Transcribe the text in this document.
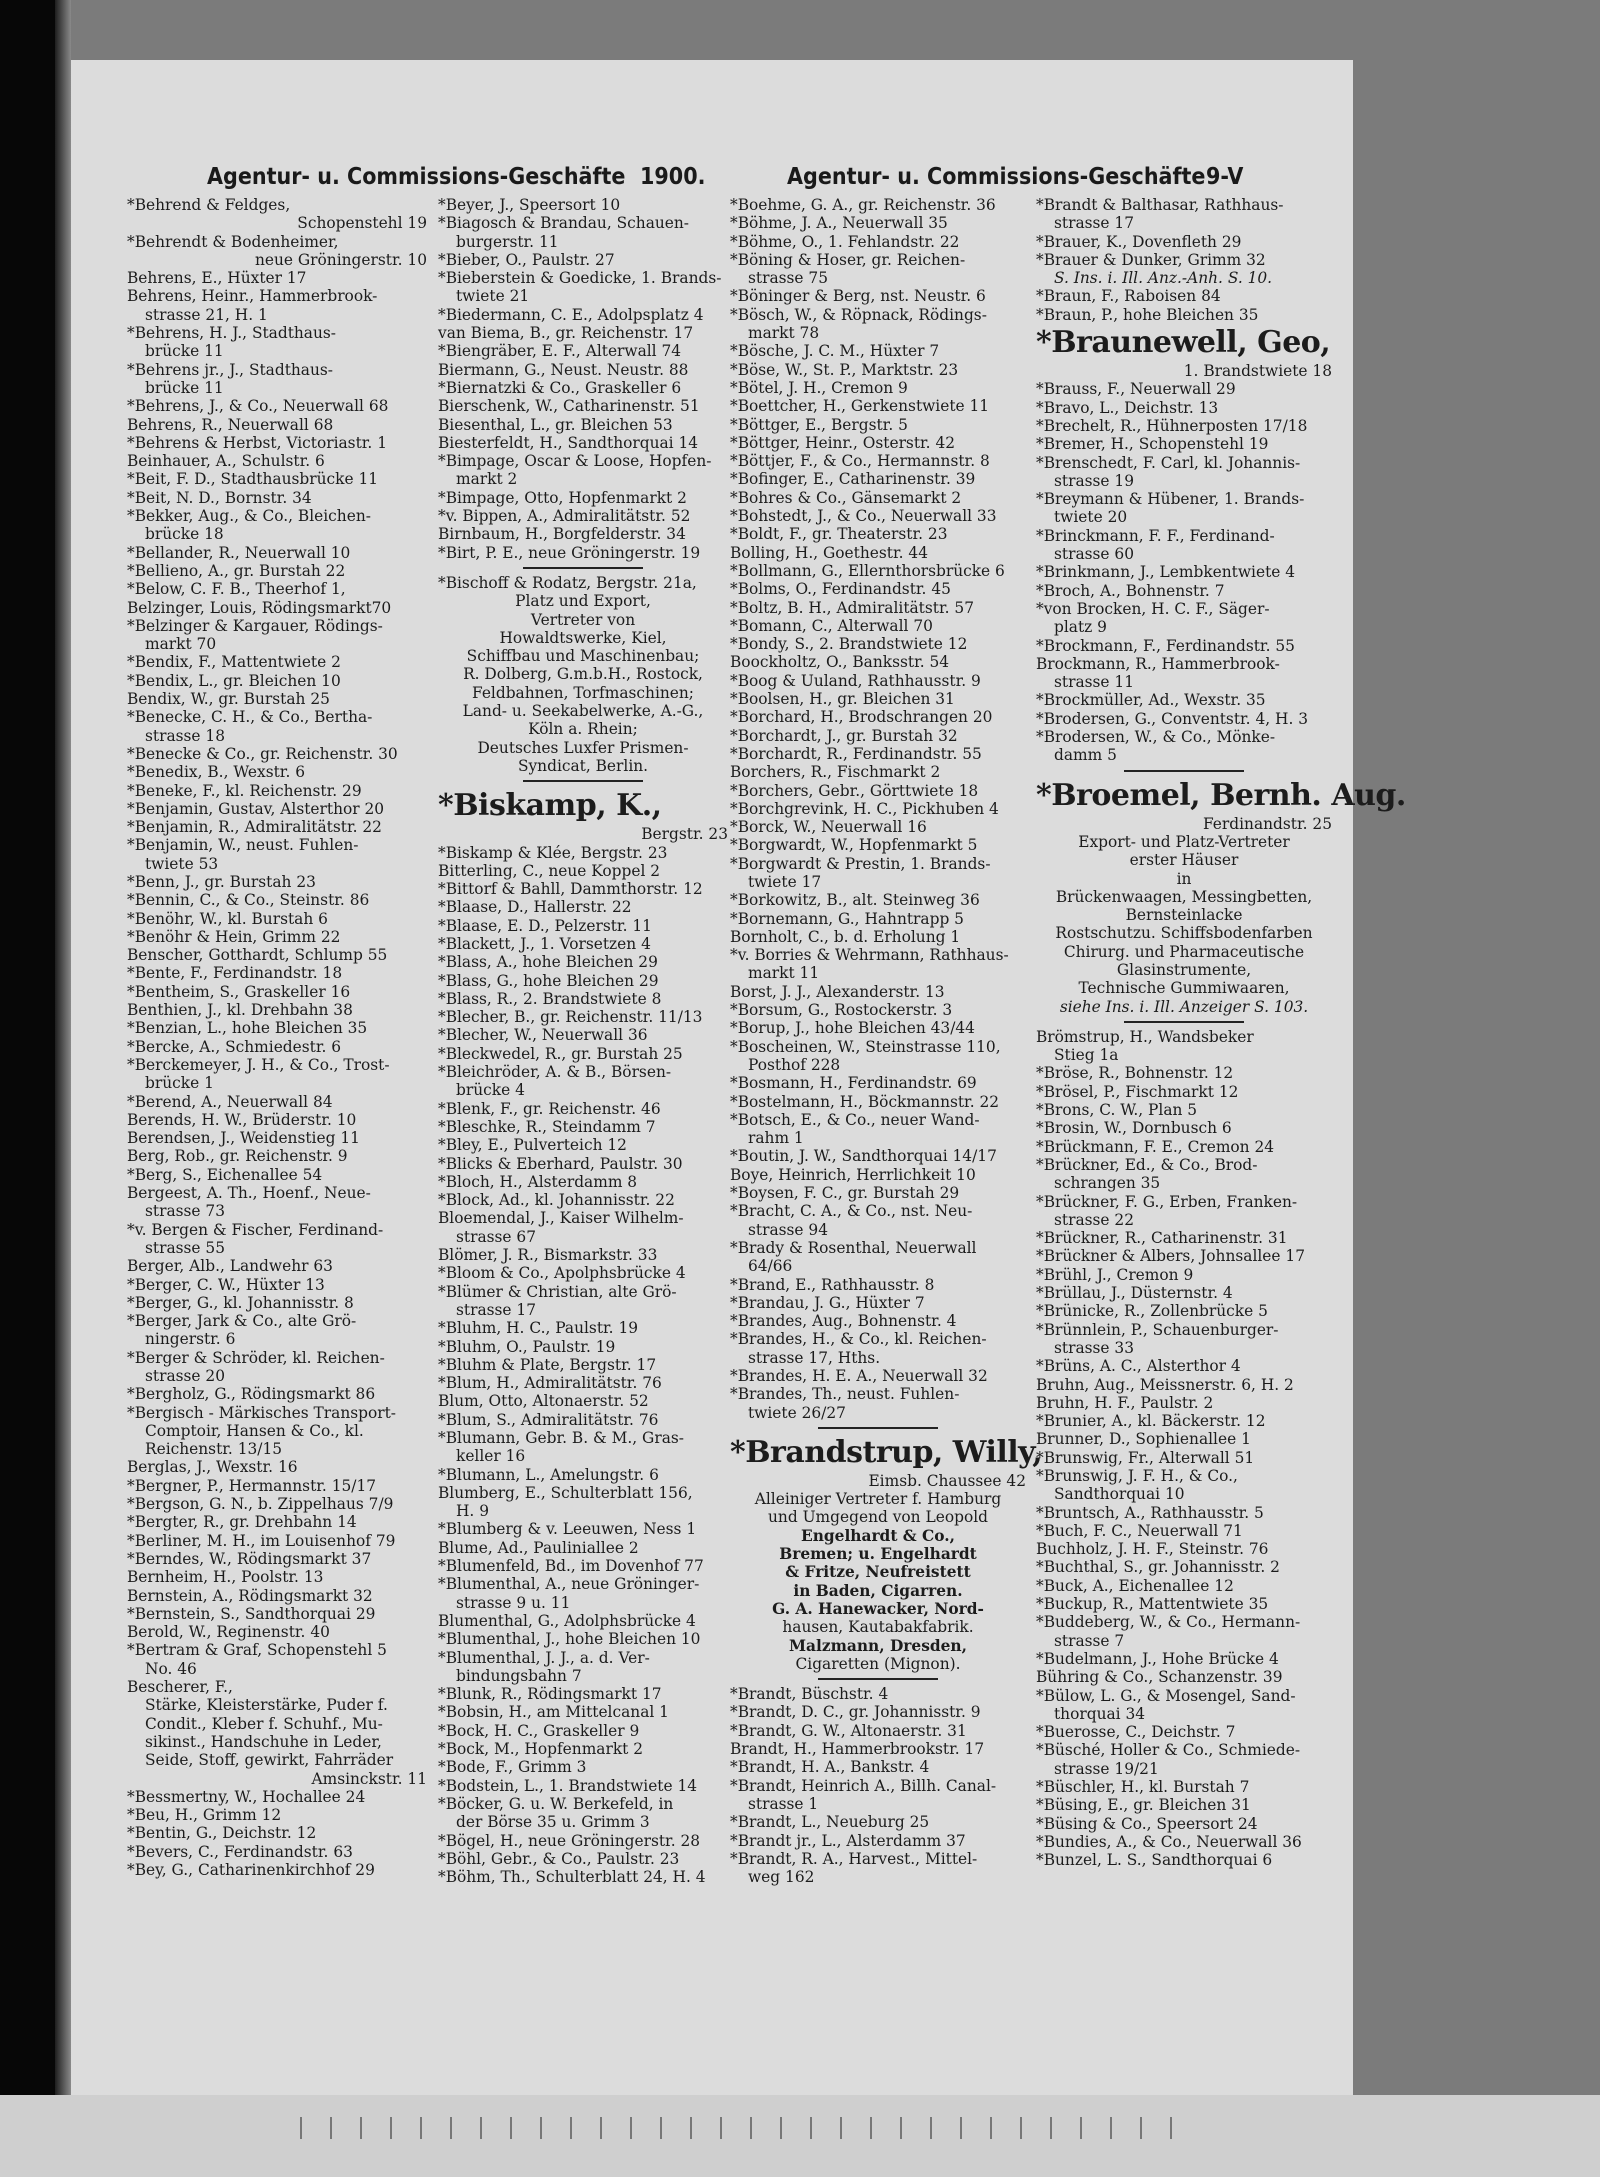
Agentur- u. Commissions-Geschäfte 1900.	Agentur- u. Commissions-Geschäfte 9-V
*Behrend & Feldges,
Schopenstehl 19
*Behrendt & Bodenheimer,
neue Gröningerstr. 10
Behrens, E., Hüxter 17
Behrens, Heinr., Hammerbrook-
strasse 21, H. 1
*Behrens, H. J., Stadthaus-
brücke 11
*Behrens jr., J., Stadthaus-
brücke 11
*Behrens, J., & Co., Neuerwall 68
Behrens, R., Neuerwall 68
*Behrens & Herbst, Victoriastr. 1
Beinhauer, A., Schulstr. 6
*Beit, F. D., Stadthausbrücke 11
*Beit, N. D., Bornstr. 34
*Bekker, Aug., & Co., Bleichen-
brücke 18
*Bellander, R., Neuerwall 10
*Bellieno, A., gr. Burstah 22
*Below, C. F. B., Theerhof 1,
Belzinger, Louis, Rödingsmarkt70
*Belzinger & Kargauer, Rödings-
markt 70
*Bendix, F., Mattentwiete 2
*Bendix, L., gr. Bleichen 10
Bendix, W., gr. Burstah 25
*Benecke, C. H., & Co., Bertha-
strasse 18
*Benecke & Co., gr. Reichenstr. 30
*Benedix, B., Wexstr. 6
*Beneke, F., kl. Reichenstr. 29
*Benjamin, Gustav, Alsterthor 20
*Benjamin, R., Admiralitätstr. 22
*Benjamin, W., neust. Fuhlen-
twiete 53
*Benn, J., gr. Burstah 23
*Bennin, C., & Co., Steinstr. 86
*Benöhr, W., kl. Burstah 6
*Benöhr & Hein, Grimm 22
Benscher, Gotthardt, Schlump 55
*Bente, F., Ferdinandstr. 18
*Bentheim, S., Graskeller 16
Benthien, J., kl. Drehbahn 38
*Benzian, L., hohe Bleichen 35
*Bercke, A., Schmiedestr. 6
*Berckemeyer, J. H., & Co., Trost-
brücke 1
*Berend, A., Neuerwall 84
Berends, H. W., Brüderstr. 10
Berendsen, J., Weidenstieg 11
Berg, Rob., gr. Reichenstr. 9
*Berg, S., Eichenallee 54
Bergeest, A. Th., Hoenf., Neue-
strasse 73
*v. Bergen & Fischer, Ferdinand-
strasse 55
Berger, Alb., Landwehr 63
*Berger, C. W., Hüxter 13
*Berger, G., kl. Johannisstr. 8
*Berger, Jark & Co., alte Grö-
ningerstr. 6
*Berger & Schröder, kl. Reichen-
strasse 20
*Bergholz, G., Rödingsmarkt 86
*Bergisch - Märkisches Transport-
Comptoir, Hansen & Co., kl.
Reichenstr. 13/15
Berglas, J., Wexstr. 16
*Bergner, P., Hermannstr. 15/17
*Bergson, G. N., b. Zippelhaus 7/9
*Bergter, R., gr. Drehbahn 14
*Berliner, M. H., im Louisenhof 79
*Berndes, W., Rödingsmarkt 37
Bernheim, H., Poolstr. 13
Bernstein, A., Rödingsmarkt 32
*Bernstein, S., Sandthorquai 29
Berold, W., Reginenstr. 40
*Bertram & Graf, Schopenstehl 5
No. 46
Bescherer, F.,
Stärke, Kleisterstärke, Puder f.
Condit., Kleber f. Schuhf., Mu-
sikinst., Handschuhe in Leder,
Seide, Stoff, gewirkt, Fahrräder
Amsinckstr. 11
*Bessmertny, W., Hochallee 24
*Beu, H., Grimm 12
*Bentin, G., Deichstr. 12
*Bevers, C., Ferdinandstr. 63
*Bey, G., Catharinenkirchhof 29
*Beyer, J., Speersort 10
*Biagosch & Brandau, Schauen-
burgerstr. 11
*Bieber, O., Paulstr. 27
*Bieberstein & Goedicke, 1. Brands-
twiete 21
*Biedermann, C. E., Adolpsplatz 4
van Biema, B., gr. Reichenstr. 17
*Biengräber, E. F., Alterwall 74
Biermann, G., Neust. Neustr. 88
*Biernatzki & Co., Graskeller 6
Bierschenk, W., Catharinenstr. 51
Biesenthal, L., gr. Bleichen 53
Biesterfeldt, H., Sandthorquai 14
*Bimpage, Oscar & Loose, Hopfen-
markt 2
*Bimpage, Otto, Hopfenmarkt 2
*v. Bippen, A., Admiralitätstr. 52
Birnbaum, H., Borgfelderstr. 34
*Birt, P. E., neue Gröningerstr. 19
*Bischoff & Rodatz, Bergstr. 21a,
Platz und Export,
Vertreter von
Howaldtswerke, Kiel,
Schiffbau und Maschinenbau;
R. Dolberg, G.m.b.H., Rostock,
Feldbahnen, Torfmaschinen;
Land- u. Seekabelwerke, A.-G.,
Köln a. Rhein;
Deutsches Luxfer Prismen-
Syndicat, Berlin.
*Biskamp, K.,
Bergstr. 23
*Biskamp & Klée, Bergstr. 23
Bitterling, C., neue Koppel 2
*Bittorf & Bahll, Dammthorstr. 12
*Blaase, D., Hallerstr. 22
*Blaase, E. D., Pelzerstr. 11
*Blackett, J., 1. Vorsetzen 4
*Blass, A., hohe Bleichen 29
*Blass, G., hohe Bleichen 29
*Blass, R., 2. Brandstwiete 8
*Blecher, B., gr. Reichenstr. 11/13
*Blecher, W., Neuerwall 36
*Bleckwedel, R., gr. Burstah 25
*Bleichröder, A. & B., Börsen-
brücke 4
*Blenk, F., gr. Reichenstr. 46
*Bleschke, R., Steindamm 7
*Bley, E., Pulverteich 12
*Blicks & Eberhard, Paulstr. 30
*Bloch, H., Alsterdamm 8
*Block, Ad., kl. Johannisstr. 22
Bloemendal, J., Kaiser Wilhelm-
strasse 67
Blömer, J. R., Bismarkstr. 33
*Bloom & Co., Apolphsbrücke 4
*Blümer & Christian, alte Grö-
strasse 17
*Bluhm, H. C., Paulstr. 19
*Bluhm, O., Paulstr. 19
*Bluhm & Plate, Bergstr. 17
*Blum, H., Admiralitätstr. 76
Blum, Otto, Altonaerstr. 52
*Blum, S., Admiralitätstr. 76
*Blumann, Gebr. B. & M., Gras-
keller 16
*Blumann, L., Amelungstr. 6
Blumberg, E., Schulterblatt 156,
H. 9
*Blumberg & v. Leeuwen, Ness 1
Blume, Ad., Pauliniallee 2
*Blumenfeld, Bd., im Dovenhof 77
*Blumenthal, A., neue Gröninger-
strasse 9 u. 11
Blumenthal, G., Adolphsbrücke 4
*Blumenthal, J., hohe Bleichen 10
*Blumenthal, J. J., a. d. Ver-
bindungsbahn 7
*Blunk, R., Rödingsmarkt 17
*Bobsin, H., am Mittelcanal 1
*Bock, H. C., Graskeller 9
*Bock, M., Hopfenmarkt 2
*Bode, F., Grimm 3
*Bodstein, L., 1. Brandstwiete 14
*Böcker, G. u. W. Berkefeld, in
der Börse 35 u. Grimm 3
*Bögel, H., neue Gröningerstr. 28
*Böhl, Gebr., & Co., Paulstr. 23
*Böhm, Th., Schulterblatt 24, H. 4
*Boehme, G. A., gr. Reichenstr. 36
*Böhme, J. A., Neuerwall 35
*Böhme, O., 1. Fehlandstr. 22
*Böning & Hoser, gr. Reichen-
strasse 75
*Böninger & Berg, nst. Neustr. 6
*Bösch, W., & Röpnack, Rödings-
markt 78
*Bösche, J. C. M., Hüxter 7
*Böse, W., St. P., Marktstr. 23
*Bötel, J. H., Cremon 9
*Boettcher, H., Gerkenstwiete 11
*Böttger, E., Bergstr. 5
*Böttger, Heinr., Osterstr. 42
*Böttjer, F., & Co., Hermannstr. 8
*Bofinger, E., Catharinenstr. 39
*Bohres & Co., Gänsemarkt 2
*Bohstedt, J., & Co., Neuerwall 33
*Boldt, F., gr. Theaterstr. 23
Bolling, H., Goethestr. 44
*Bollmann, G., Ellernthorsbrücke 6
*Bolms, O., Ferdinandstr. 45
*Boltz, B. H., Admiralitätstr. 57
*Bomann, C., Alterwall 70
*Bondy, S., 2. Brandstwiete 12
Boockholtz, O., Banksstr. 54
*Boog & Uuland, Rathhausstr. 9
*Boolsen, H., gr. Bleichen 31
*Borchard, H., Brodschrangen 20
*Borchardt, J., gr. Burstah 32
*Borchardt, R., Ferdinandstr. 55
Borchers, R., Fischmarkt 2
*Borchers, Gebr., Görttwiete 18
*Borchgrevink, H. C., Pickhuben 4
*Borck, W., Neuerwall 16
*Borgwardt, W., Hopfenmarkt 5
*Borgwardt & Prestin, 1. Brands-
twiete 17
*Borkowitz, B., alt. Steinweg 36
*Bornemann, G., Hahntrapp 5
Bornholt, C., b. d. Erholung 1
*v. Borries & Wehrmann, Rathhaus-
markt 11
Borst, J. J., Alexanderstr. 13
*Borsum, G., Rostockerstr. 3
*Borup, J., hohe Bleichen 43/44
*Boscheinen, W., Steinstrasse 110,
Posthof 228
*Bosmann, H., Ferdinandstr. 69
*Bostelmann, H., Böckmannstr. 22
*Botsch, E., & Co., neuer Wand-
rahm 1
*Boutin, J. W., Sandthorquai 14/17
Boye, Heinrich, Herrlichkeit 10
*Boysen, F. C., gr. Burstah 29
*Bracht, C. A., & Co., nst. Neu-
strasse 94
*Brady & Rosenthal, Neuerwall
64/66
*Brand, E., Rathhausstr. 8
*Brandau, J. G., Hüxter 7
*Brandes, Aug., Bohnenstr. 4
*Brandes, H., & Co., kl. Reichen-
strasse 17, Hths.
*Brandes, H. E. A., Neuerwall 32
*Brandes, Th., neust. Fuhlen-
twiete 26/27
*Brandstrup, Willy,
Eimsb. Chaussee 42
Alleiniger Vertreter f. Hamburg
und Umgegend von Leopold
Engelhardt & Co.,
Bremen; u. Engelhardt
& Fritze, Neufreistett
in Baden, Cigarren.
G. A. Hanewacker, Nord-
hausen, Kautabakfabrik.
Malzmann, Dresden,
Cigaretten (Mignon).
*Brandt, Büschstr. 4
*Brandt, D. C., gr. Johannisstr. 9
*Brandt, G. W., Altonaerstr. 31
Brandt, H., Hammerbrookstr. 17
*Brandt, H. A., Bankstr. 4
*Brandt, Heinrich A., Billh. Canal-
strasse 1
*Brandt, L., Neueburg 25
*Brandt jr., L., Alsterdamm 37
*Brandt, R. A., Harvest., Mittel-
weg 162
*Brandt & Balthasar, Rathhaus-
strasse 17
*Brauer, K., Dovenfleth 29
*Brauer & Dunker, Grimm 32
S. Ins. i. Ill. Anz.-Anh. S. 10.
*Braun, F., Raboisen 84
*Braun, P., hohe Bleichen 35
*Braunewell, Geo,
1. Brandstwiete 18
*Brauss, F., Neuerwall 29
*Bravo, L., Deichstr. 13
*Brechelt, R., Hühnerposten 17/18
*Bremer, H., Schopenstehl 19
*Brenschedt, F. Carl, kl. Johannis-
strasse 19
*Breymann & Hübener, 1. Brands-
twiete 20
*Brinckmann, F. F., Ferdinand-
strasse 60
*Brinkmann, J., Lembkentwiete 4
*Broch, A., Bohnenstr. 7
*von Brocken, H. C. F., Säger-
platz 9
*Brockmann, F., Ferdinandstr. 55
Brockmann, R., Hammerbrook-
strasse 11
*Brockmüller, Ad., Wexstr. 35
*Brodersen, G., Conventstr. 4, H. 3
*Brodersen, W., & Co., Mönke-
damm 5
*Broemel, Bernh. Aug.
Ferdinandstr. 25
Export- und Platz-Vertreter
erster Häuser
in
Brückenwaagen, Messingbetten,
Bernsteinlacke
Rostschutzu. Schiffsbodenfarben
Chirurg. und Pharmaceutische
Glasinstrumente,
Technische Gummiwaaren,
siehe Ins. i. Ill. Anzeiger S. 103.
Brömstrup, H., Wandsbeker
Stieg 1a
*Bröse, R., Bohnenstr. 12
*Brösel, P., Fischmarkt 12
*Brons, C. W., Plan 5
*Brosin, W., Dornbusch 6
*Brückmann, F. E., Cremon 24
*Brückner, Ed., & Co., Brod-
schrangen 35
*Brückner, F. G., Erben, Franken-
strasse 22
*Brückner, R., Catharinenstr. 31
*Brückner & Albers, Johnsallee 17
*Brühl, J., Cremon 9
*Brüllau, J., Düsternstr. 4
*Brünicke, R., Zollenbrücke 5
*Brünnlein, P., Schauenburger-
strasse 33
*Brüns, A. C., Alsterthor 4
Bruhn, Aug., Meissnerstr. 6, H. 2
Bruhn, H. F., Paulstr. 2
*Brunier, A., kl. Bäckerstr. 12
Brunner, D., Sophienallee 1
*Brunswig, Fr., Alterwall 51
*Brunswig, J. F. H., & Co.,
Sandthorquai 10
*Bruntsch, A., Rathhausstr. 5
*Buch, F. C., Neuerwall 71
Buchholz, J. H. F., Steinstr. 76
*Buchthal, S., gr. Johannisstr. 2
*Buck, A., Eichenallee 12
*Buckup, R., Mattentwiete 35
*Buddeberg, W., & Co., Hermann-
strasse 7
*Budelmann, J., Hohe Brücke 4
Bühring & Co., Schanzenstr. 39
*Bülow, L. G., & Mosengel, Sand-
thorquai 34
*Buerosse, C., Deichstr. 7
*Büsché, Holler & Co., Schmiede-
strasse 19/21
*Büschler, H., kl. Burstah 7
*Büsing, E., gr. Bleichen 31
*Büsing & Co., Speersort 24
*Bundies, A., & Co., Neuerwall 36
*Bunzel, L. S., Sandthorquai 6
